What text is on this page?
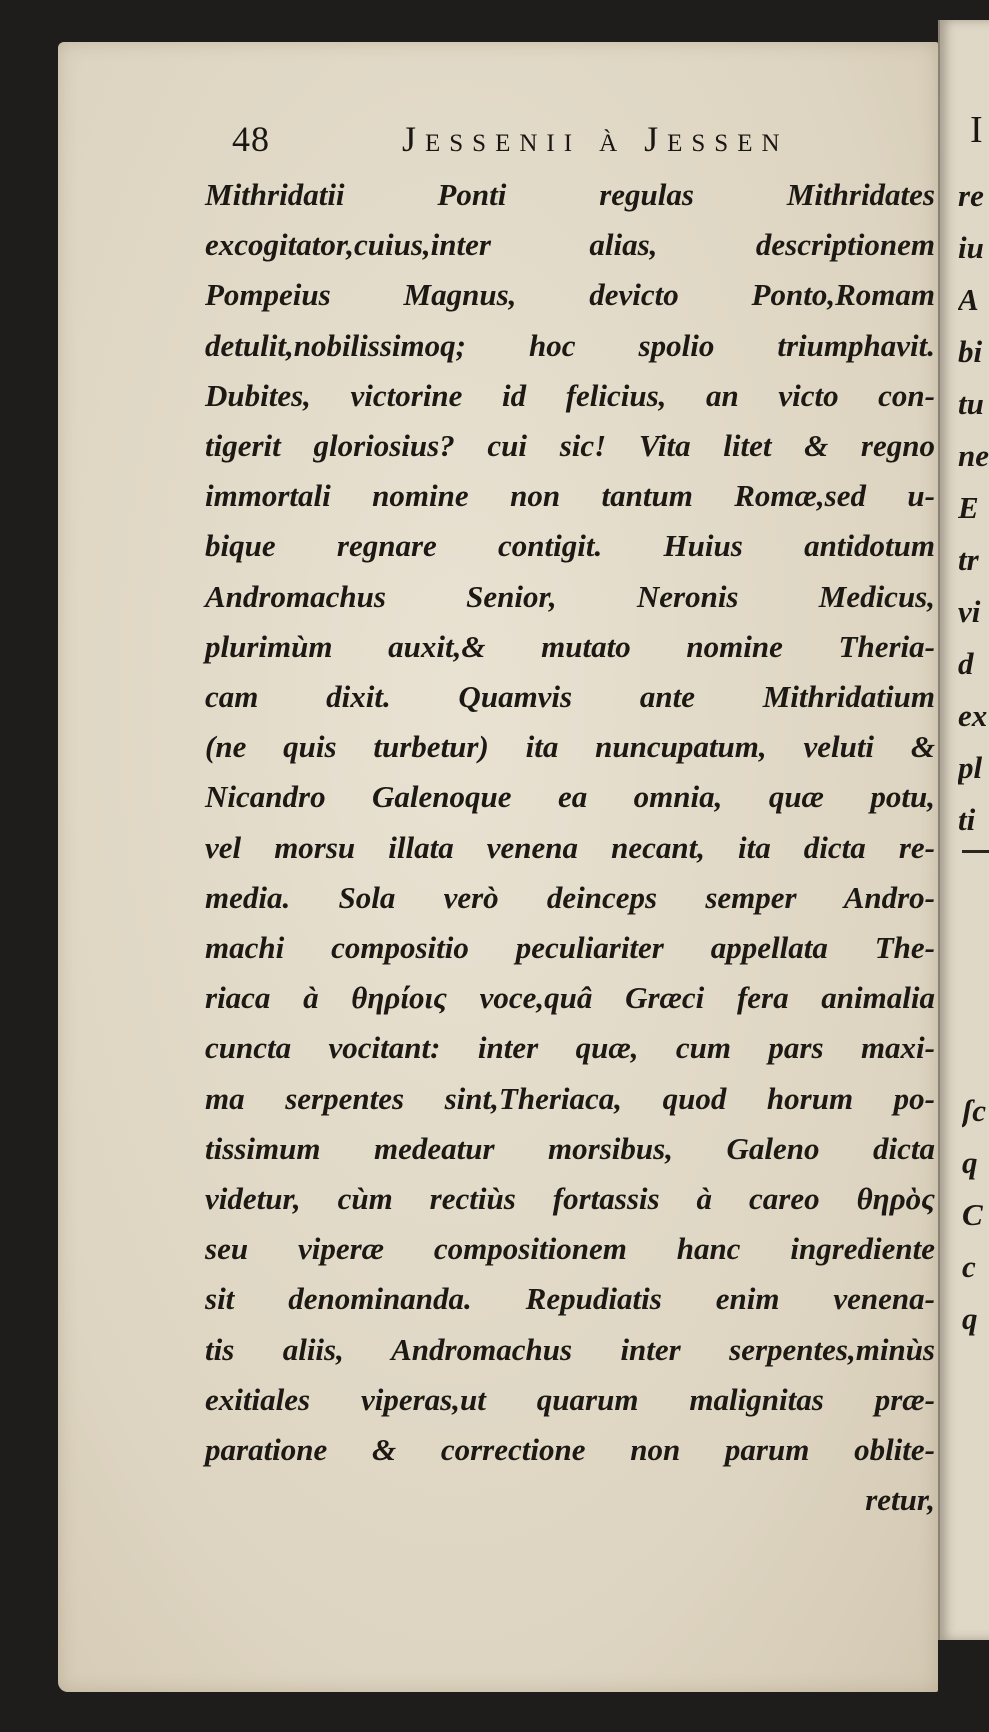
48	Jessenii à Jessen
Mithridatii Ponti regulas Mithridates
excogitator,cuius,inter alias, descriptionem
Pompeius Magnus, devicto Ponto,Romam
detulit,nobilissimoq; hoc spolio triumphavit.
Dubites, victorine id felicius, an victo con-
tigerit gloriosius? cui sic! Vita litet & regno
immortali nomine non tantum Romæ,sed u-
bique regnare contigit. Huius antidotum
Andromachus Senior, Neronis Medicus,
plurimùm auxit,& mutato nomine Theria-
cam dixit. Quamvis ante Mithridatium
(ne quis turbetur) ita nuncupatum, veluti &
Nicandro Galenoque ea omnia, quæ potu,
vel morsu illata venena necant, ita dicta re-
media. Sola verò deinceps semper Andro-
machi compositio peculiariter appellata The-
riaca à θηρίοις voce,quâ Græci fera animalia
cuncta vocitant: inter quæ, cum pars maxi-
ma serpentes sint,Theriaca, quod horum po-
tissimum medeatur morsibus, Galeno dicta
videtur, cùm rectiùs fortassis à careo θηρὸς
seu viperæ compositionem hanc ingrediente
sit denominanda. Repudiatis enim venena-
tis aliis, Andromachus inter serpentes,minùs
exitiales viperas,ut quarum malignitas præ-
paratione & correctione non parum oblite-
retur,
I
re
iu
A
bi
tu
ne
E
tr
vi
d
ex
pl
ti
ʃc
q
C
c
q
